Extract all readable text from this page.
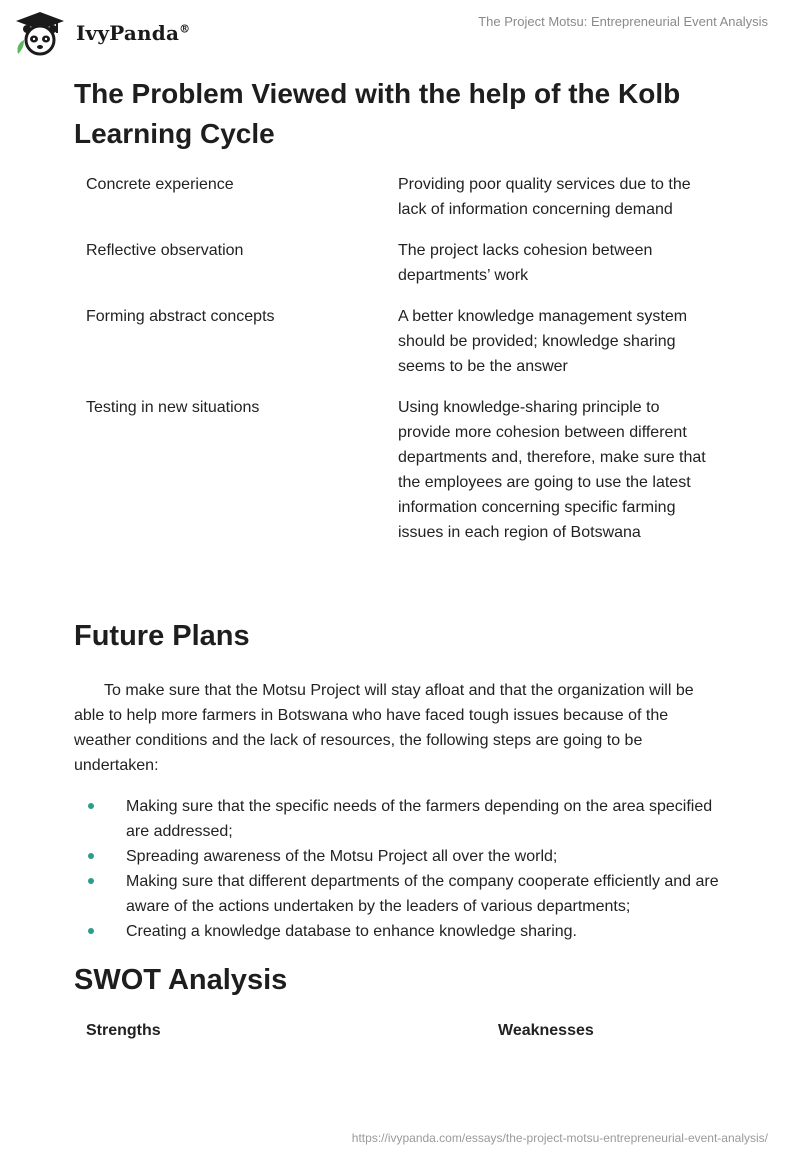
IvyPanda®	The Project Motsu: Entrepreneurial Event Analysis
The Problem Viewed with the help of the Kolb Learning Cycle
Concrete experience	Providing poor quality services due to the lack of information concerning demand
Reflective observation	The project lacks cohesion between departments’ work
Forming abstract concepts	A better knowledge management system should be provided; knowledge sharing seems to be the answer
Testing in new situations	Using knowledge-sharing principle to provide more cohesion between different departments and, therefore, make sure that the employees are going to use the latest information concerning specific farming issues in each region of Botswana
Future Plans

To make sure that the Motsu Project will stay afloat and that the organization will be able to help more farmers in Botswana who have faced tough issues because of the weather conditions and the lack of resources, the following steps are going to be undertaken:

Making sure that the specific needs of the farmers depending on the area specified are addressed;
Spreading awareness of the Motsu Project all over the world;
Making sure that different departments of the company cooperate efficiently and are aware of the actions undertaken by the leaders of various departments;
Creating a knowledge database to enhance knowledge sharing.
SWOT Analysis
Strengths	Weaknesses
https://ivypanda.com/essays/the-project-motsu-entrepreneurial-event-analysis/
